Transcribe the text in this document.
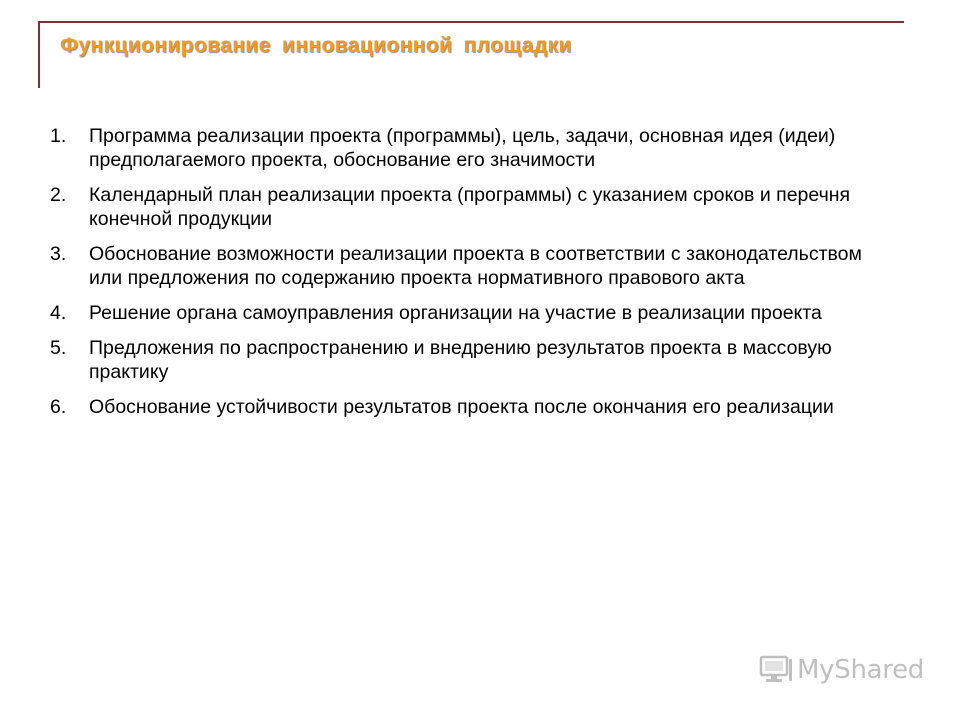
Функционирование инновационной площадки
1. Программа реализации проекта (программы), цель, задачи, основная идея (идеи) предполагаемого проекта, обоснование его значимости
2. Календарный план реализации проекта (программы) с указанием сроков и перечня конечной продукции
3. Обоснование возможности реализации проекта в соответствии с законодательством или предложения по содержанию проекта нормативного правового акта
4. Решение органа самоуправления организации на участие в реализации проекта
5. Предложения по распространению и внедрению результатов проекта в массовую практику
6. Обоснование устойчивости результатов проекта после окончания его реализации
MyShared
